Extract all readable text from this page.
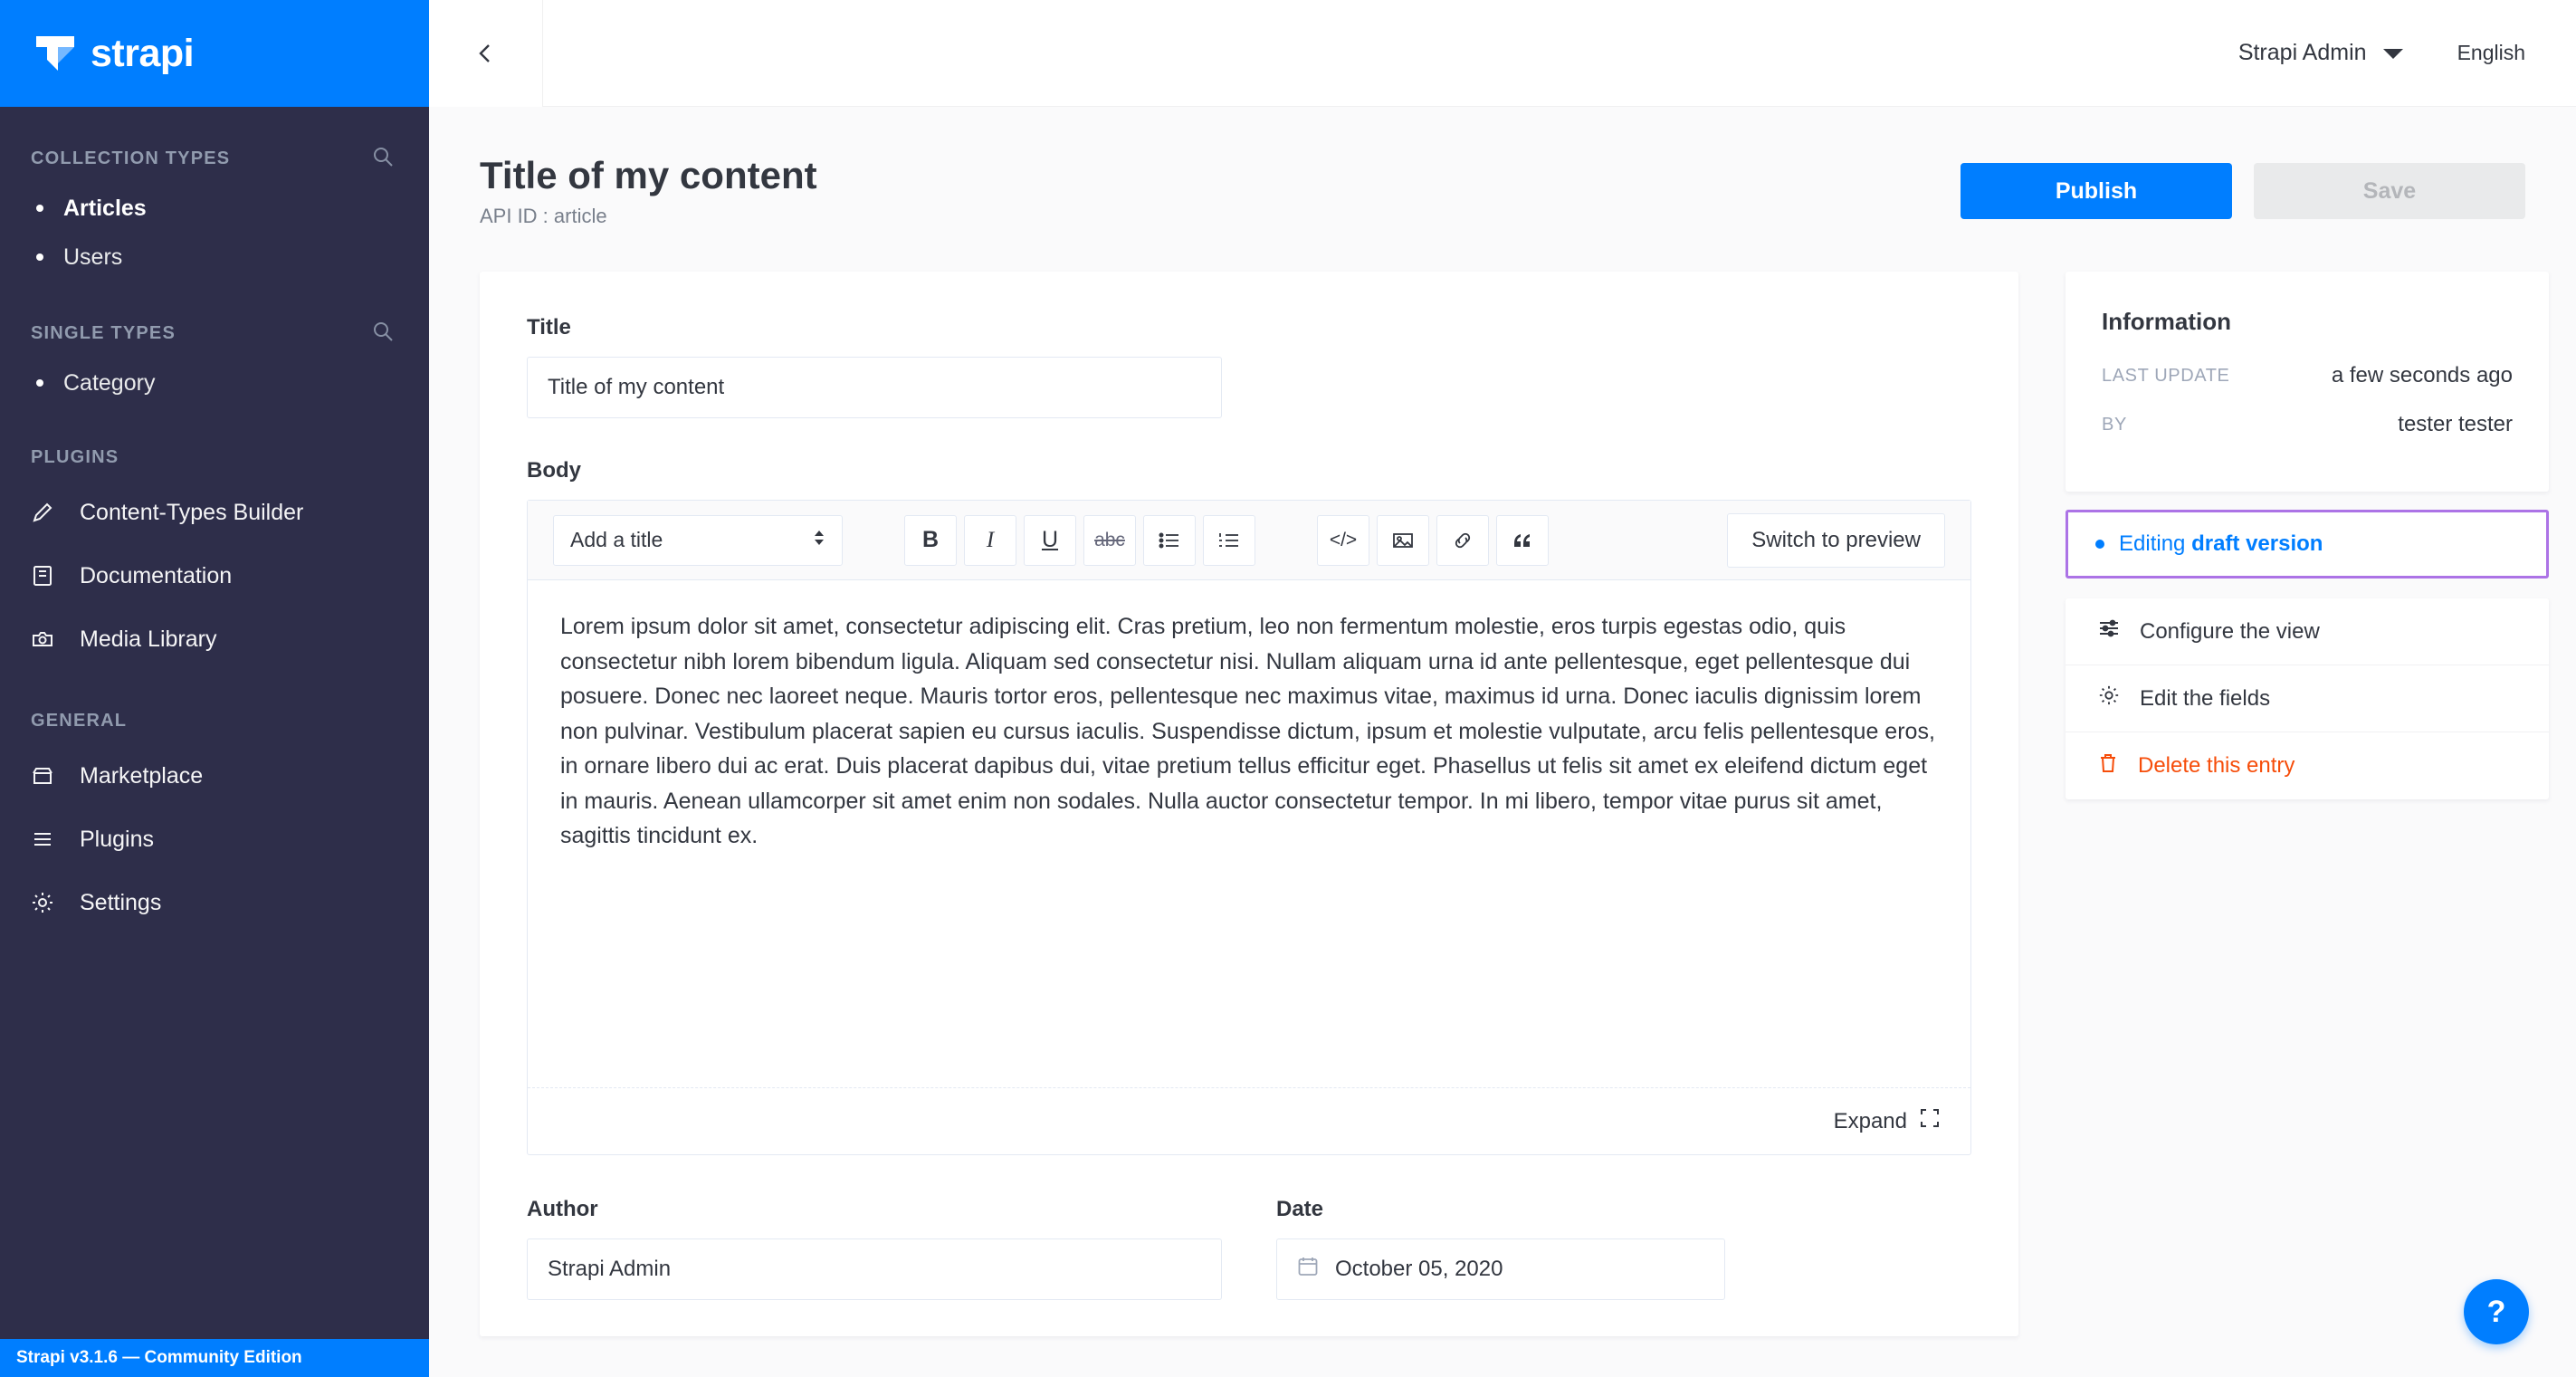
strapi
COLLECTION TYPES
Articles
Users
SINGLE TYPES
Category
PLUGINS
Content-Types Builder
Documentation
Media Library
GENERAL
Marketplace
Plugins
Settings
Strapi v3.1.6 — Community Edition
Strapi Admin	English
Title of my content
API ID : article
Publish	Save
Title
Title of my content
Body
Add a title	B	I	U	abc	</>	Switch to preview
Lorem ipsum dolor sit amet, consectetur adipiscing elit. Cras pretium, leo non fermentum molestie, eros turpis egestas odio, quis consectetur nibh lorem bibendum ligula. Aliquam sed consectetur nisi. Nullam aliquam urna id ante pellentesque, eget pellentesque dui posuere. Donec nec laoreet neque. Mauris tortor eros, pellentesque nec maximus vitae, maximus id urna. Donec iaculis dignissim lorem non pulvinar. Vestibulum placerat sapien eu cursus iaculis. Suspendisse dictum, ipsum et molestie vulputate, arcu felis pellentesque eros, in ornare libero dui ac erat. Duis placerat dapibus dui, vitae pretium tellus efficitur eget. Phasellus ut felis sit amet ex eleifend dictum eget in mauris. Aenean ullamcorper sit amet enim non sodales. Nulla auctor consectetur tempor. In mi libero, tempor vitae purus sit amet, sagittis tincidunt ex.
Expand
Author
Strapi Admin	Date
October 05, 2020
Information
LAST UPDATE	a few seconds ago
BY	tester tester
Editing draft version
Configure the view
Edit the fields
Delete this entry
?
